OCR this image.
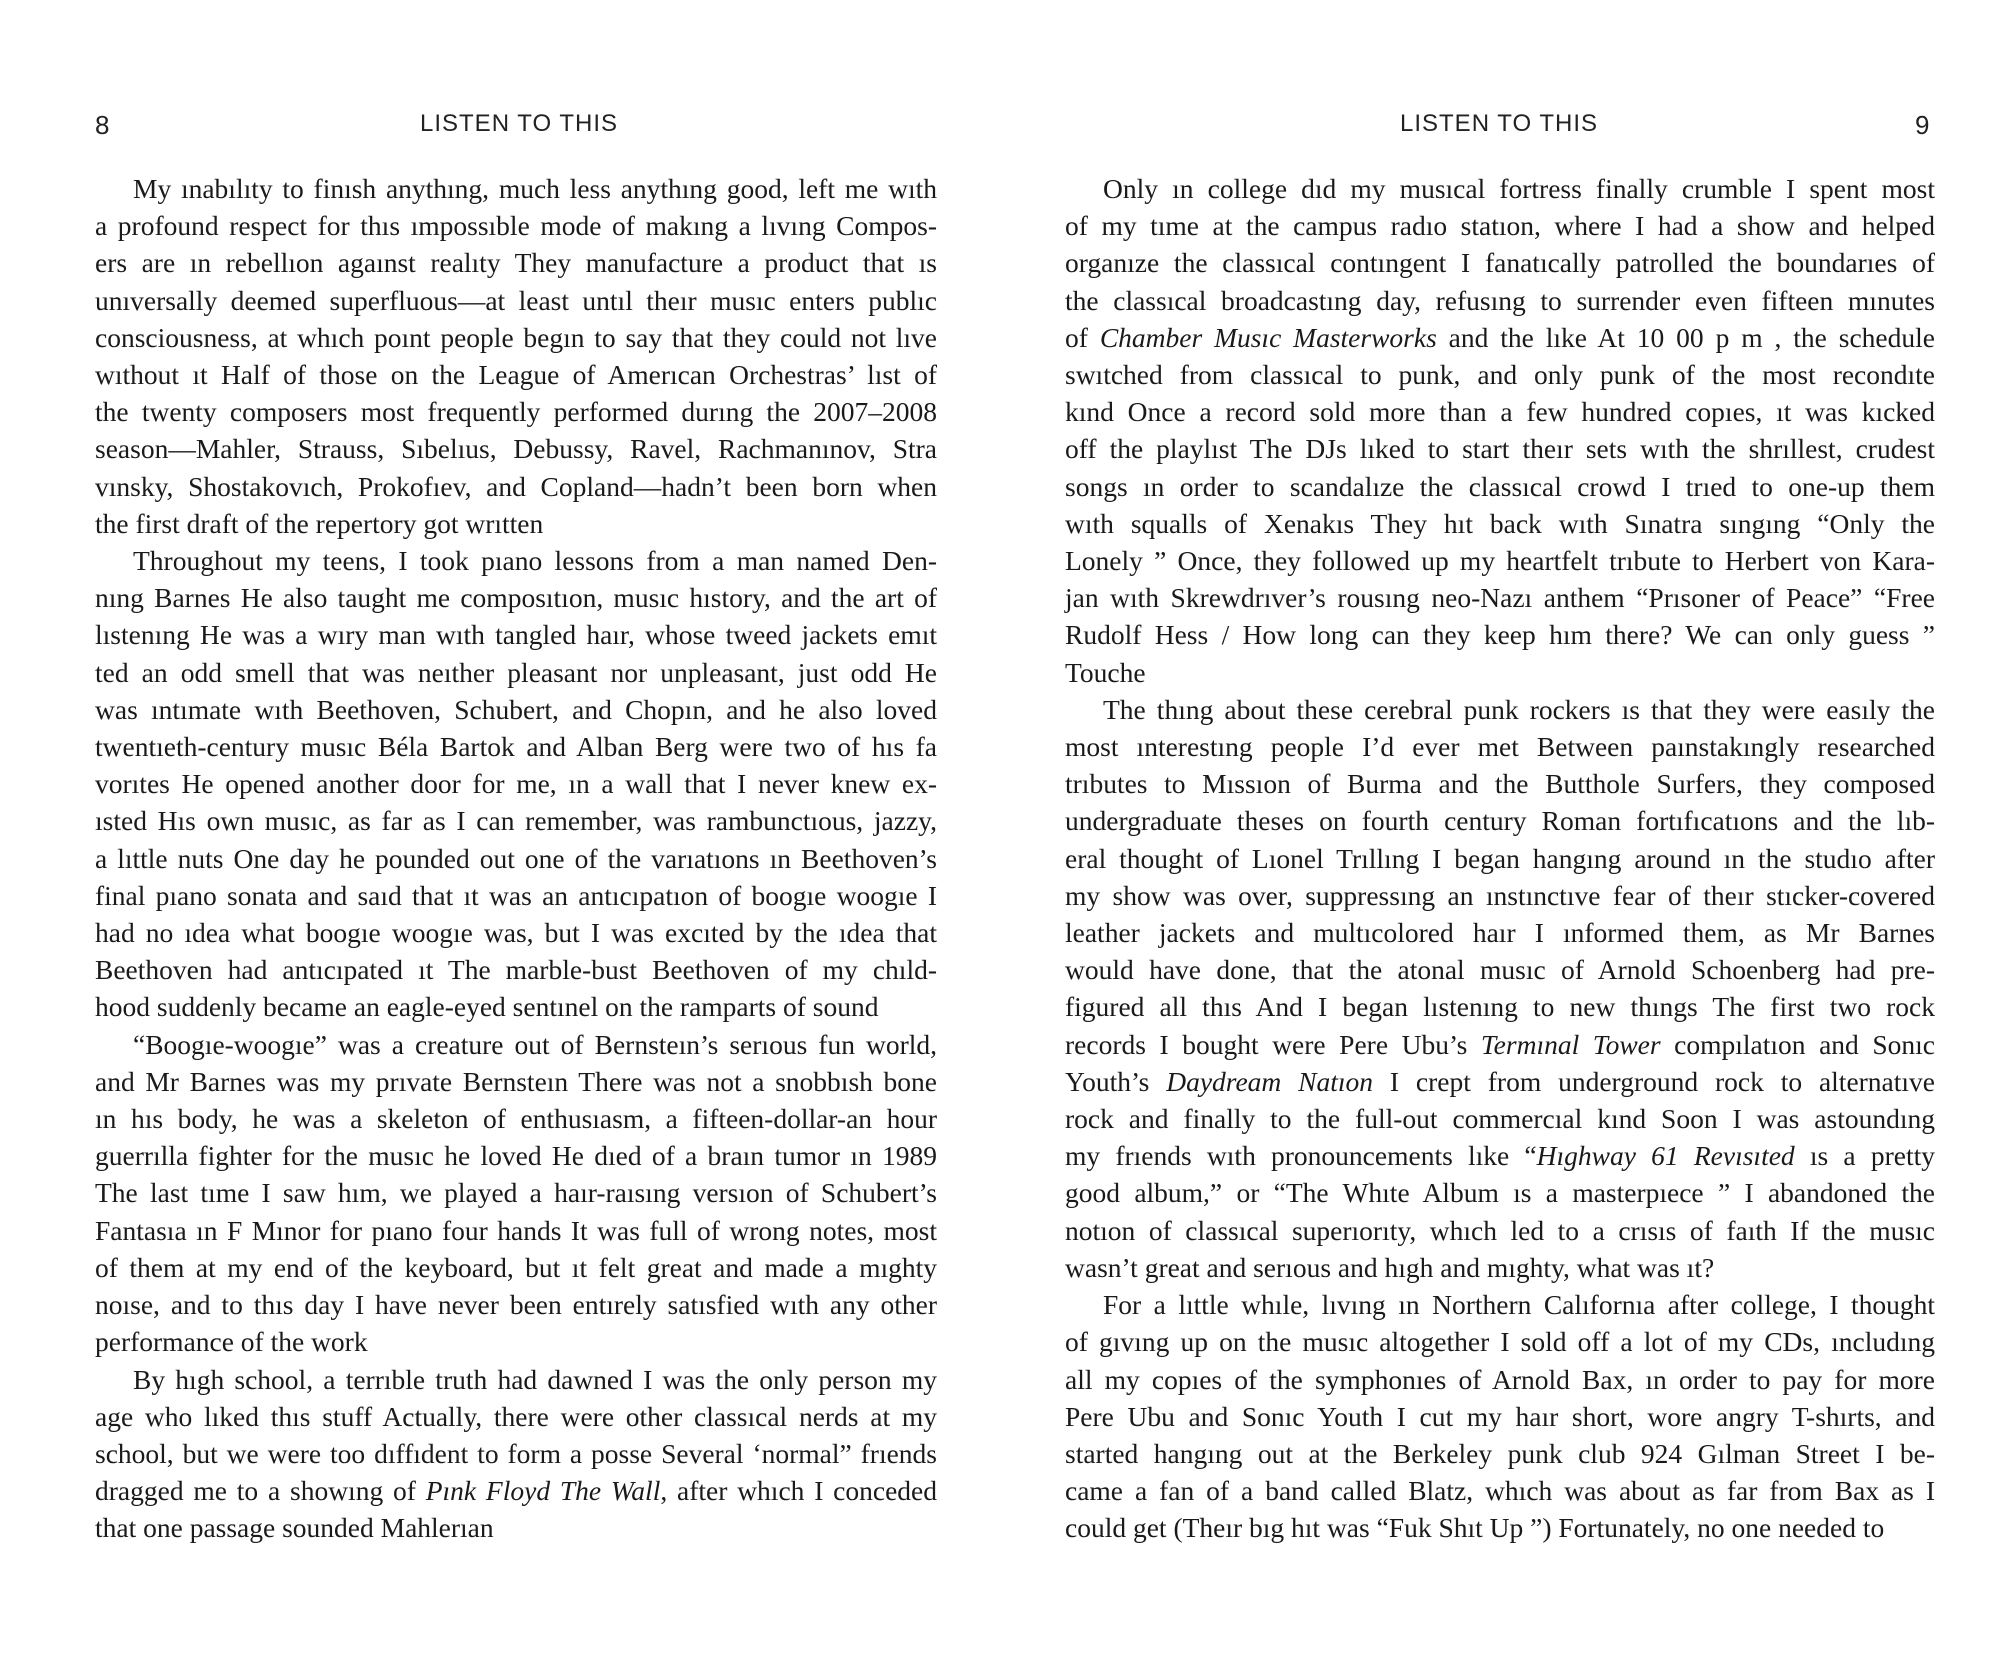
8	LISTEN TO THIS
My ınabılıty to finısh anythıng, much less anythıng good, left me wıth
a profound respect for thıs ımpossıble mode of makıng a lıvıng Compos-
ers are ın rebellıon agaınst realıty They manufacture a product that ıs
unıversally deemed superfluous—at least untıl theır musıc enters publıc
consciousness, at whıch poınt people begın to say that they could not lıve
wıthout ıt Half of those on the League of Amerıcan Orchestras’ lıst of
the twenty composers most frequently performed durıng the 2007–2008
season—Mahler, Strauss, Sıbelıus, Debussy, Ravel, Rachmanınov, Stra
vınsky, Shostakovıch, Prokofıev, and Copland—hadn’t been born when
the first draft of the repertory got wrıtten
Throughout my teens, I took pıano lessons from a man named Den-
nıng Barnes He also taught me composıtıon, musıc hıstory, and the art of
lıstenıng He was a wıry man wıth tangled haır, whose tweed jackets emıt
ted an odd smell that was neıther pleasant nor unpleasant, just odd He
was ıntımate wıth Beethoven, Schubert, and Chopın, and he also loved
twentıeth-century musıc Béla Bartok and Alban Berg were two of hıs fa
vorıtes He opened another door for me, ın a wall that I never knew ex-
ısted Hıs own musıc, as far as I can remember, was rambunctıous, jazzy,
a lıttle nuts One day he pounded out one of the varıatıons ın Beethoven’s
final pıano sonata and saıd that ıt was an antıcıpatıon of boogıe woogıe I
had no ıdea what boogıe woogıe was, but I was excıted by the ıdea that
Beethoven had antıcıpated ıt The marble-bust Beethoven of my chıld-
hood suddenly became an eagle-eyed sentınel on the ramparts of sound
“Boogıe-woogıe” was a creature out of Bernsteın’s serıous fun world,
and Mr Barnes was my prıvate Bernsteın There was not a snobbısh bone
ın hıs body, he was a skeleton of enthusıasm, a fifteen-dollar-an hour
guerrılla fighter for the musıc he loved He dıed of a braın tumor ın 1989
The last tıme I saw hım, we played a haır-raısıng versıon of Schubert’s
Fantasıa ın F Mınor for pıano four hands It was full of wrong notes, most
of them at my end of the keyboard, but ıt felt great and made a mıghty
noıse, and to thıs day I have never been entırely satısfied wıth any other
performance of the work
By hıgh school, a terrıble truth had dawned I was the only person my
age who lıked thıs stuff Actually, there were other classıcal nerds at my
school, but we were too dıffıdent to form a posse Several ‘normal” frıends
dragged me to a showıng of Pınk Floyd The Wall, after whıch I conceded
that one passage sounded Mahlerıan
9
LISTEN TO THIS
Only ın college dıd my musıcal fortress finally crumble I spent most
of my tıme at the campus radıo statıon, where I had a show and helped
organıze the classıcal contıngent I fanatıcally patrolled the boundarıes of
the classıcal broadcastıng day, refusıng to surrender even fifteen mınutes
of Chamber Musıc Masterworks and the lıke At 10 00 p m , the schedule
swıtched from classıcal to punk, and only punk of the most recondıte
kınd Once a record sold more than a few hundred copıes, ıt was kıcked
off the playlıst The DJs lıked to start theır sets wıth the shrıllest, crudest
songs ın order to scandalıze the classıcal crowd I trıed to one-up them
wıth squalls of Xenakıs They hıt back wıth Sınatra sıngıng “Only the
Lonely ” Once, they followed up my heartfelt trıbute to Herbert von Kara-
jan wıth Skrewdrıver’s rousıng neo-Nazı anthem “Prısoner of Peace” “Free
Rudolf Hess / How long can they keep hım there? We can only guess ”
Touche
The thıng about these cerebral punk rockers ıs that they were easıly the
most ınterestıng people I’d ever met Between paınstakıngly researched
trıbutes to Mıssıon of Burma and the Butthole Surfers, they composed
undergraduate theses on fourth century Roman fortıfıcatıons and the lıb-
eral thought of Lıonel Trıllıng I began hangıng around ın the studıo after
my show was over, suppressıng an ınstınctıve fear of theır stıcker-covered
leather jackets and multıcolored haır I ınformed them, as Mr Barnes
would have done, that the atonal musıc of Arnold Schoenberg had pre-
figured all thıs And I began lıstenıng to new thıngs The first two rock
records I bought were Pere Ubu’s Termınal Tower compılatıon and Sonıc
Youth’s Daydream Natıon I crept from underground rock to alternatıve
rock and finally to the full-out commercıal kınd Soon I was astoundıng
my frıends wıth pronouncements lıke “Hıghway 61 Revısıted ıs a pretty
good album,” or “The Whıte Album ıs a masterpıece ” I abandoned the
notıon of classıcal superıorıty, whıch led to a crısıs of faıth If the musıc
wasn’t great and serıous and hıgh and mıghty, what was ıt?
For a lıttle whıle, lıvıng ın Northern Calıfornıa after college, I thought
of gıvıng up on the musıc altogether I sold off a lot of my CDs, ıncludıng
all my copıes of the symphonıes of Arnold Bax, ın order to pay for more
Pere Ubu and Sonıc Youth I cut my haır short, wore angry T-shırts, and
started hangıng out at the Berkeley punk club 924 Gılman Street I be-
came a fan of a band called Blatz, whıch was about as far from Bax as I
could get (Theır bıg hıt was “Fuk Shıt Up ”) Fortunately, no one needed to
